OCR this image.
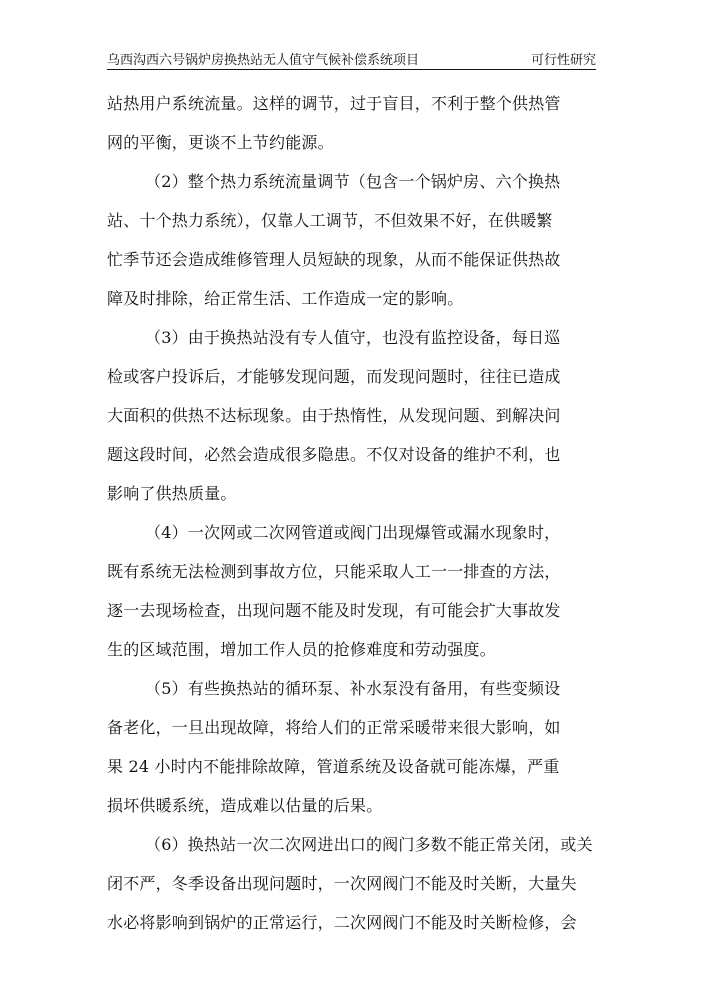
乌西沟西六号锅炉房换热站无人值守气候补偿系统项目	可行性研究
站热用户系统流量。这样的调节，过于盲目，不利于整个供热管
网的平衡，更谈不上节约能源。
（2）整个热力系统流量调节（包含一个锅炉房、六个换热
站、十个热力系统），仅靠人工调节，不但效果不好，在供暖繁
忙季节还会造成维修管理人员短缺的现象，从而不能保证供热故
障及时排除，给正常生活、工作造成一定的影响。
（3）由于换热站没有专人值守，也没有监控设备，每日巡
检或客户投诉后，才能够发现问题，而发现问题时，往往已造成
大面积的供热不达标现象。由于热惰性，从发现问题、到解决问
题这段时间，必然会造成很多隐患。不仅对设备的维护不利，也
影响了供热质量。
（4）一次网或二次网管道或阀门出现爆管或漏水现象时，
既有系统无法检测到事故方位，只能采取人工一一排查的方法，
逐一去现场检查，出现问题不能及时发现，有可能会扩大事故发
生的区域范围，增加工作人员的抢修难度和劳动强度。
（5）有些换热站的循环泵、补水泵没有备用，有些变频设
备老化，一旦出现故障，将给人们的正常采暖带来很大影响，如
果 24 小时内不能排除故障，管道系统及设备就可能冻爆，严重
损坏供暖系统，造成难以估量的后果。
（6）换热站一次二次网进出口的阀门多数不能正常关闭，或关
闭不严，冬季设备出现问题时，一次网阀门不能及时关断，大量失
水必将影响到锅炉的正常运行，二次网阀门不能及时关断检修，会
